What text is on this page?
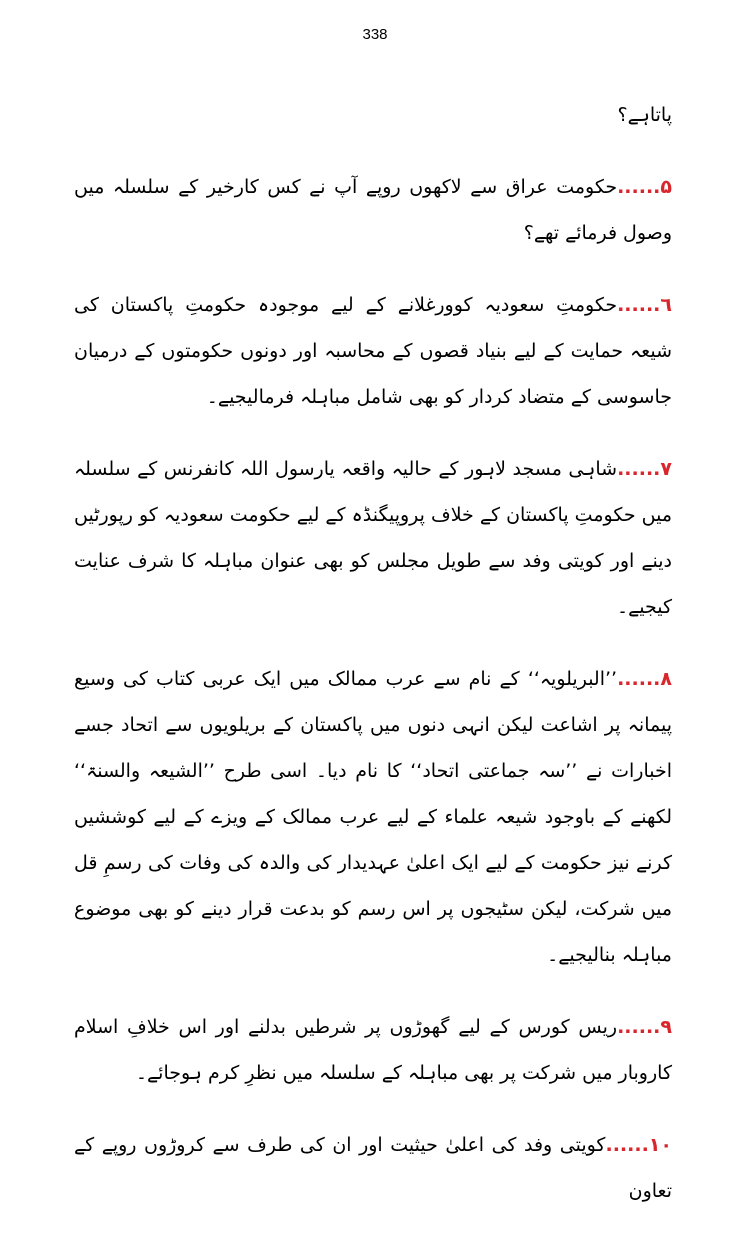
338

پاتاہے؟

۵......حکومت عراق سے لاکھوں روپے آپ نے کس کارخیر کے سلسلہ میں وصول فرمائے تھے؟

٦......حکومتِ سعودیہ کوورغلانے کے لیے موجودہ حکومتِ پاکستان کی شیعہ حمایت کے لیے بنیاد قصوں کے محاسبہ اور دونوں حکومتوں کے درمیان جاسوسی کے متضاد کردار کو بھی شامل مباہلہ فرمالیجیے۔

۷......شاہی مسجد لاہور کے حالیہ واقعہ یارسول اللہ کانفرنس کے سلسلہ میں حکومتِ پاکستان کے خلاف پروپیگنڈہ کے لیے حکومت سعودیہ کو رپورٹیں دینے اور کویتی وفد سے طویل مجلس کو بھی عنوان مباہلہ کا شرف عنایت کیجیے۔

۸......’’البریلویہ‘‘ کے نام سے عرب ممالک میں ایک عربی کتاب کی وسیع پیمانہ پر اشاعت لیکن انہی دنوں میں پاکستان کے بریلویوں سے اتحاد جسے اخبارات نے ’’سہ جماعتی اتحاد‘‘ کا نام دیا۔ اسی طرح ’’الشیعہ والسنۃ‘‘ لکھنے کے باوجود شیعہ علماء کے لیے عرب ممالک کے ویزے کے لیے کوششیں کرنے نیز حکومت کے لیے ایک اعلیٰ عہدیدار کی والدہ کی وفات کی رسمِ قل میں شرکت، لیکن سٹیجوں پر اس رسم کو بدعت قرار دینے کو بھی موضوع مباہلہ بنالیجیے۔

۹......ریس کورس کے لیے گھوڑوں پر شرطیں بدلنے اور اس خلافِ اسلام کاروبار میں شرکت پر بھی مباہلہ کے سلسلہ میں نظرِ کرم ہوجائے۔

۱۰......کویتی وفد کی اعلیٰ حیثیت اور ان کی طرف سے کروڑوں روپے کے تعاون
